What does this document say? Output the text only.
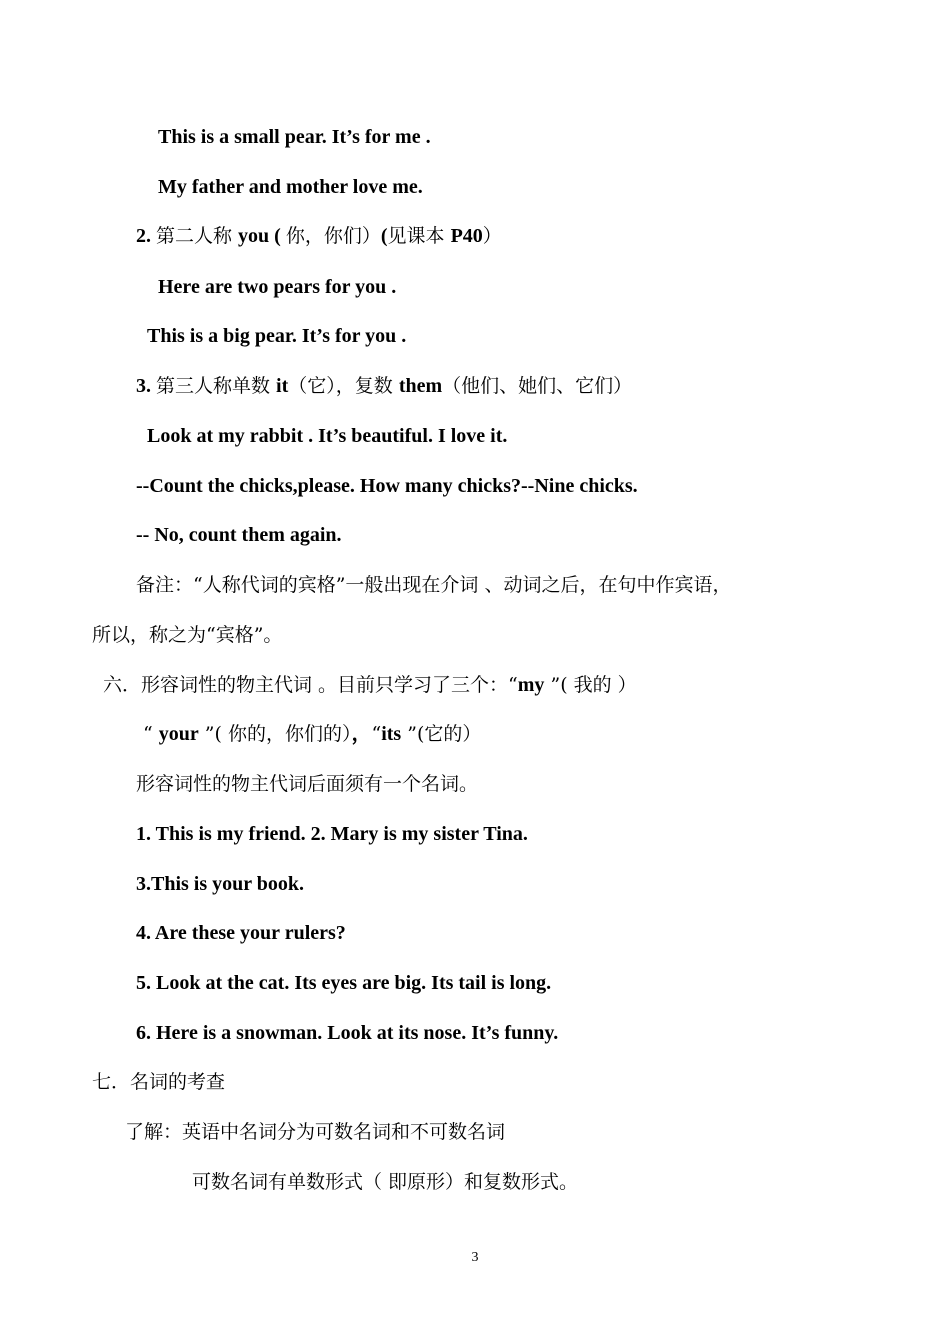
This is a small pear. It’s for me .
My father and mother love me.
2. 第二人称 you ( 你，你们）(见课本 P40）
Here are two pears for you .
This is a big pear. It’s for you .
3. 第三人称单数 it（它），复数 them（他们、她们、它们）
Look at my rabbit . It’s beautiful. I love it.
--Count the chicks,please. How many chicks?--Nine chicks.
-- No, count them again.
备注：“人称代词的宾格”一般出现在介词 、动词之后，在句中作宾语，
所以，称之为“宾格”。
六．形容词性的物主代词 。目前只学习了三个：“my ”( 我的 ）
“ your ”( 你的，你们的），“its ”(它的）
形容词性的物主代词后面须有一个名词。
1. This is my friend. 2. Mary is my sister Tina.
3.This is your book.
4. Are these your rulers?
5. Look at the cat. Its eyes are big. Its tail is long.
6. Here is a snowman. Look at its nose. It’s funny.
七．名词的考查
了解：英语中名词分为可数名词和不可数名词
可数名词有单数形式（ 即原形）和复数形式。
3
